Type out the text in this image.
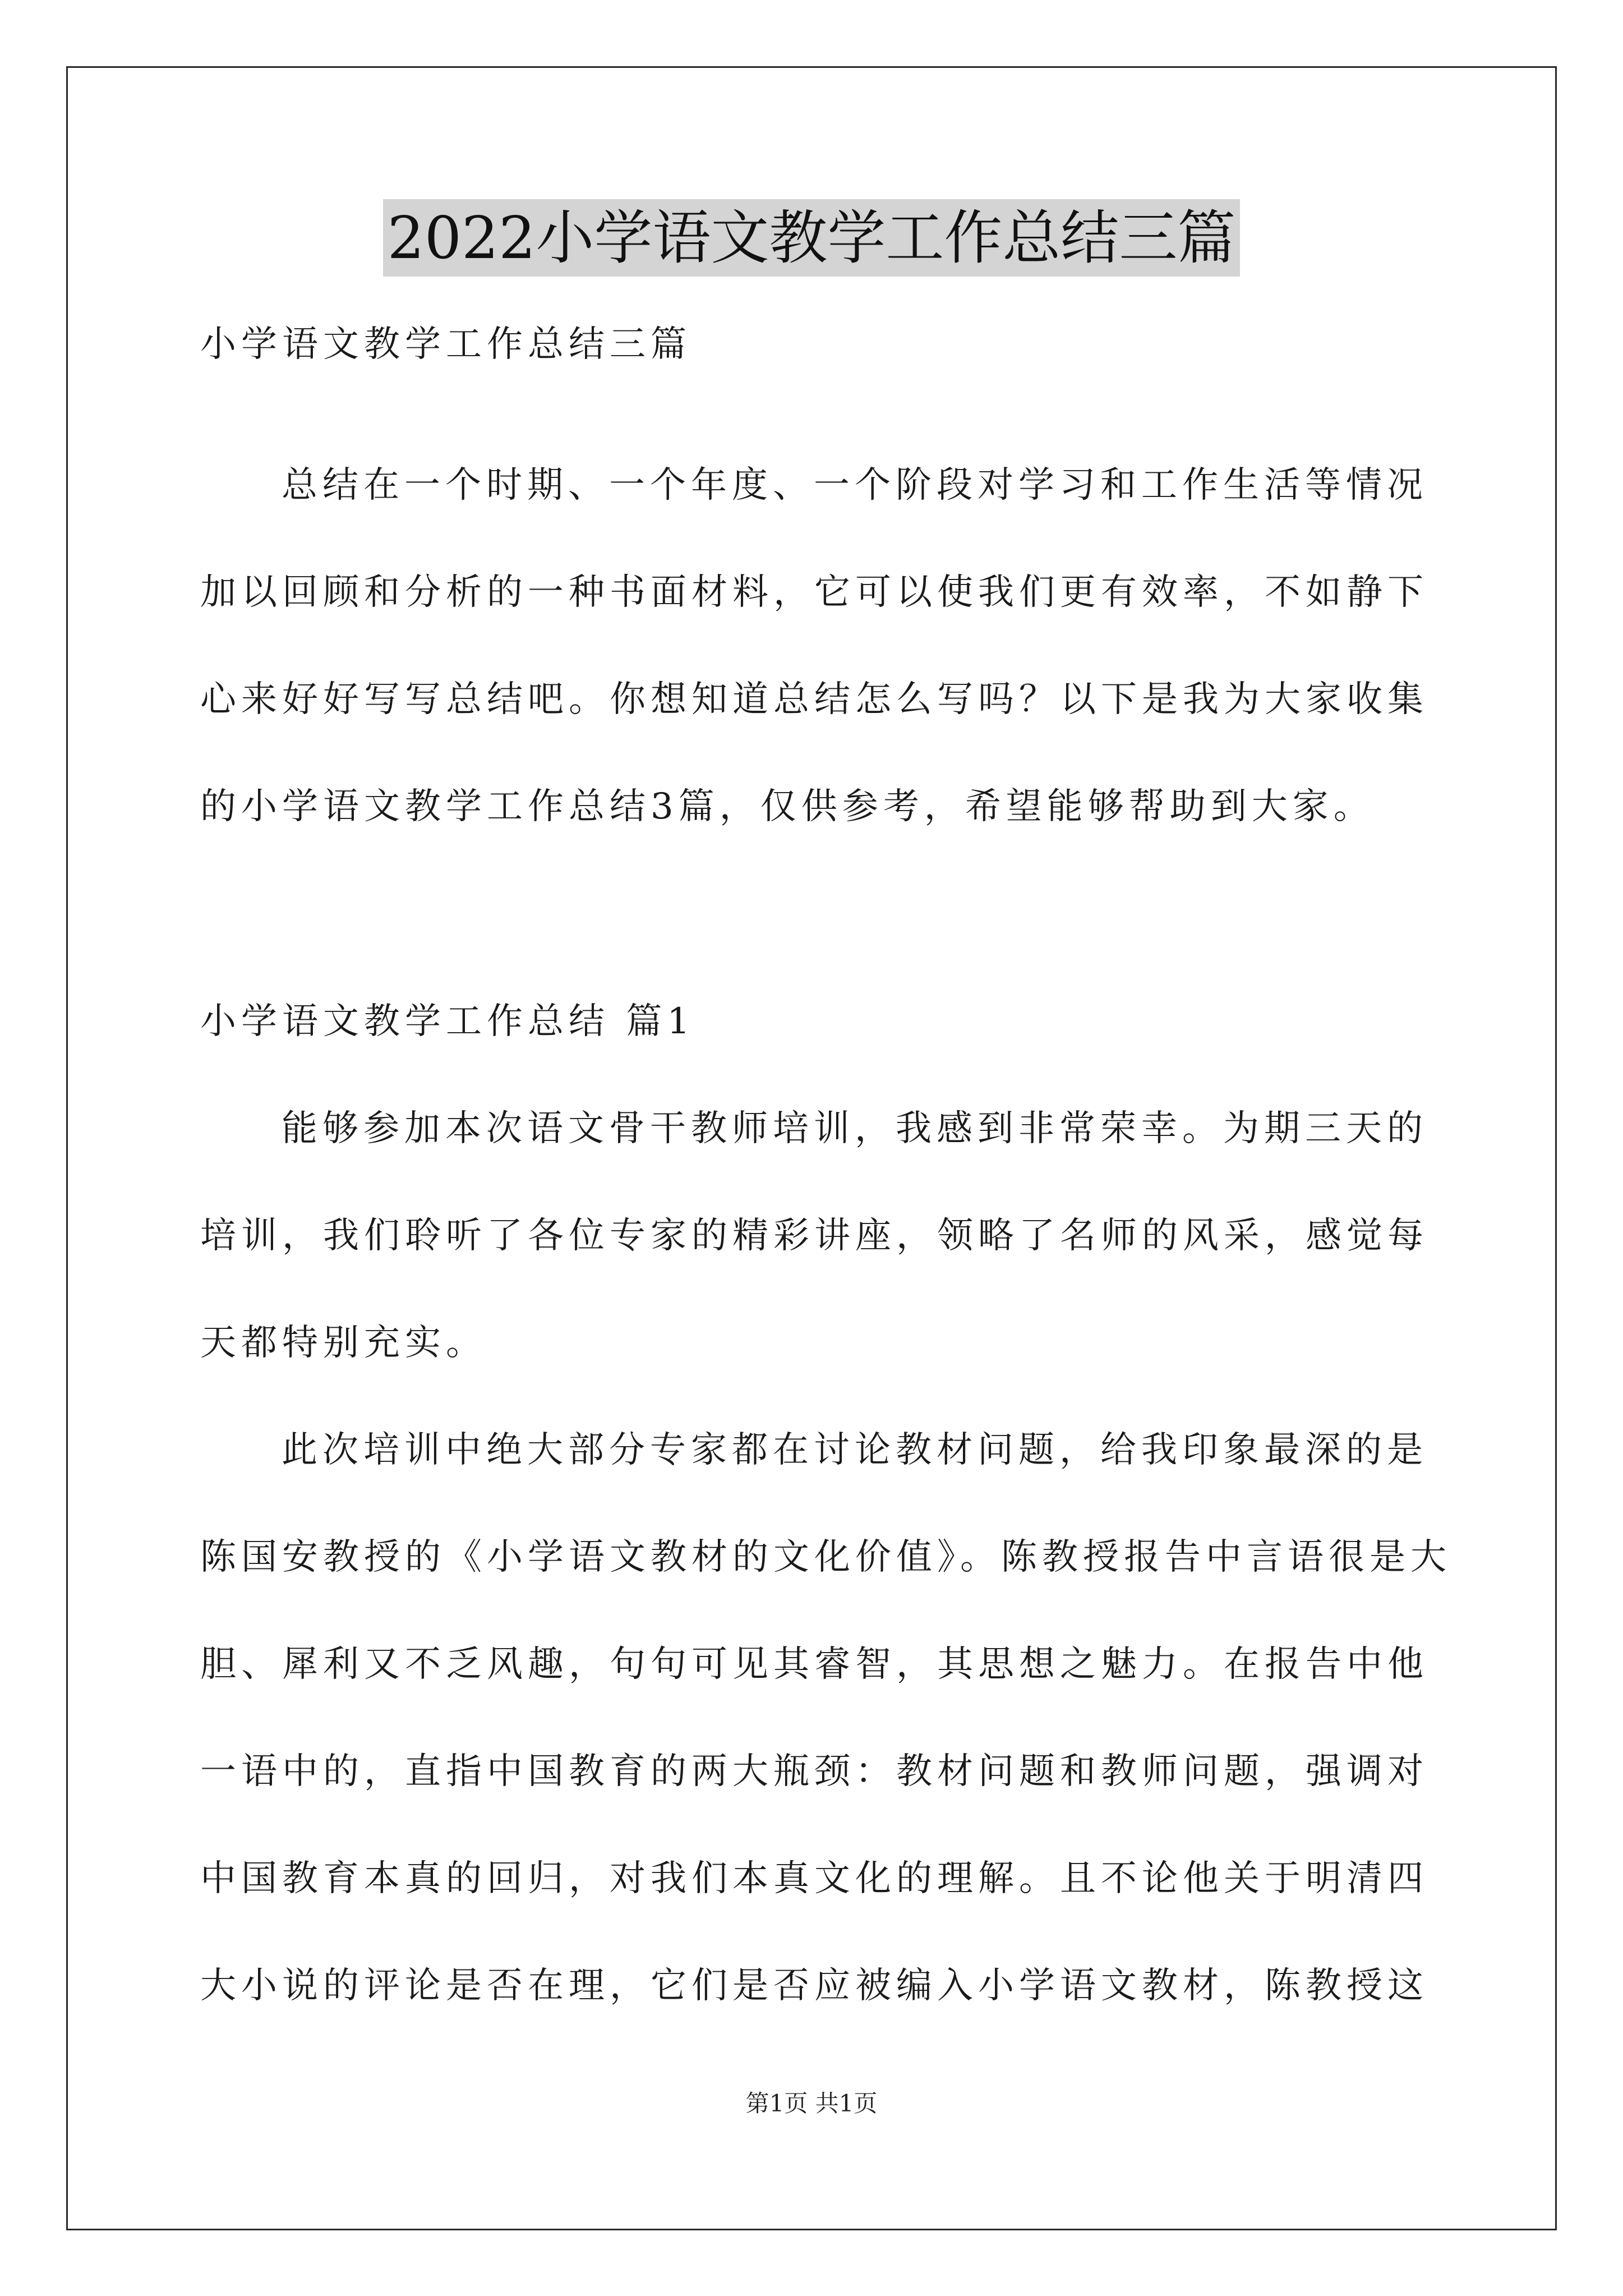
2022小学语文教学工作总结三篇
小学语文教学工作总结三篇
总结在一个时期、一个年度、一个阶段对学习和工作生活等情况
加以回顾和分析的一种书面材料，它可以使我们更有效率，不如静下
心来好好写写总结吧。你想知道总结怎么写吗？以下是我为大家收集
的小学语文教学工作总结3篇，仅供参考，希望能够帮助到大家。
小学语文教学工作总结 篇1
能够参加本次语文骨干教师培训，我感到非常荣幸。为期三天的
培训，我们聆听了各位专家的精彩讲座，领略了名师的风采，感觉每
天都特别充实。
此次培训中绝大部分专家都在讨论教材问题，给我印象最深的是
陈国安教授的《小学语文教材的文化价值》。陈教授报告中言语很是大
胆、犀利又不乏风趣，句句可见其睿智，其思想之魅力。在报告中他
一语中的，直指中国教育的两大瓶颈：教材问题和教师问题，强调对
中国教育本真的回归，对我们本真文化的理解。且不论他关于明清四
大小说的评论是否在理，它们是否应被编入小学语文教材，陈教授这
第1页 共1页
